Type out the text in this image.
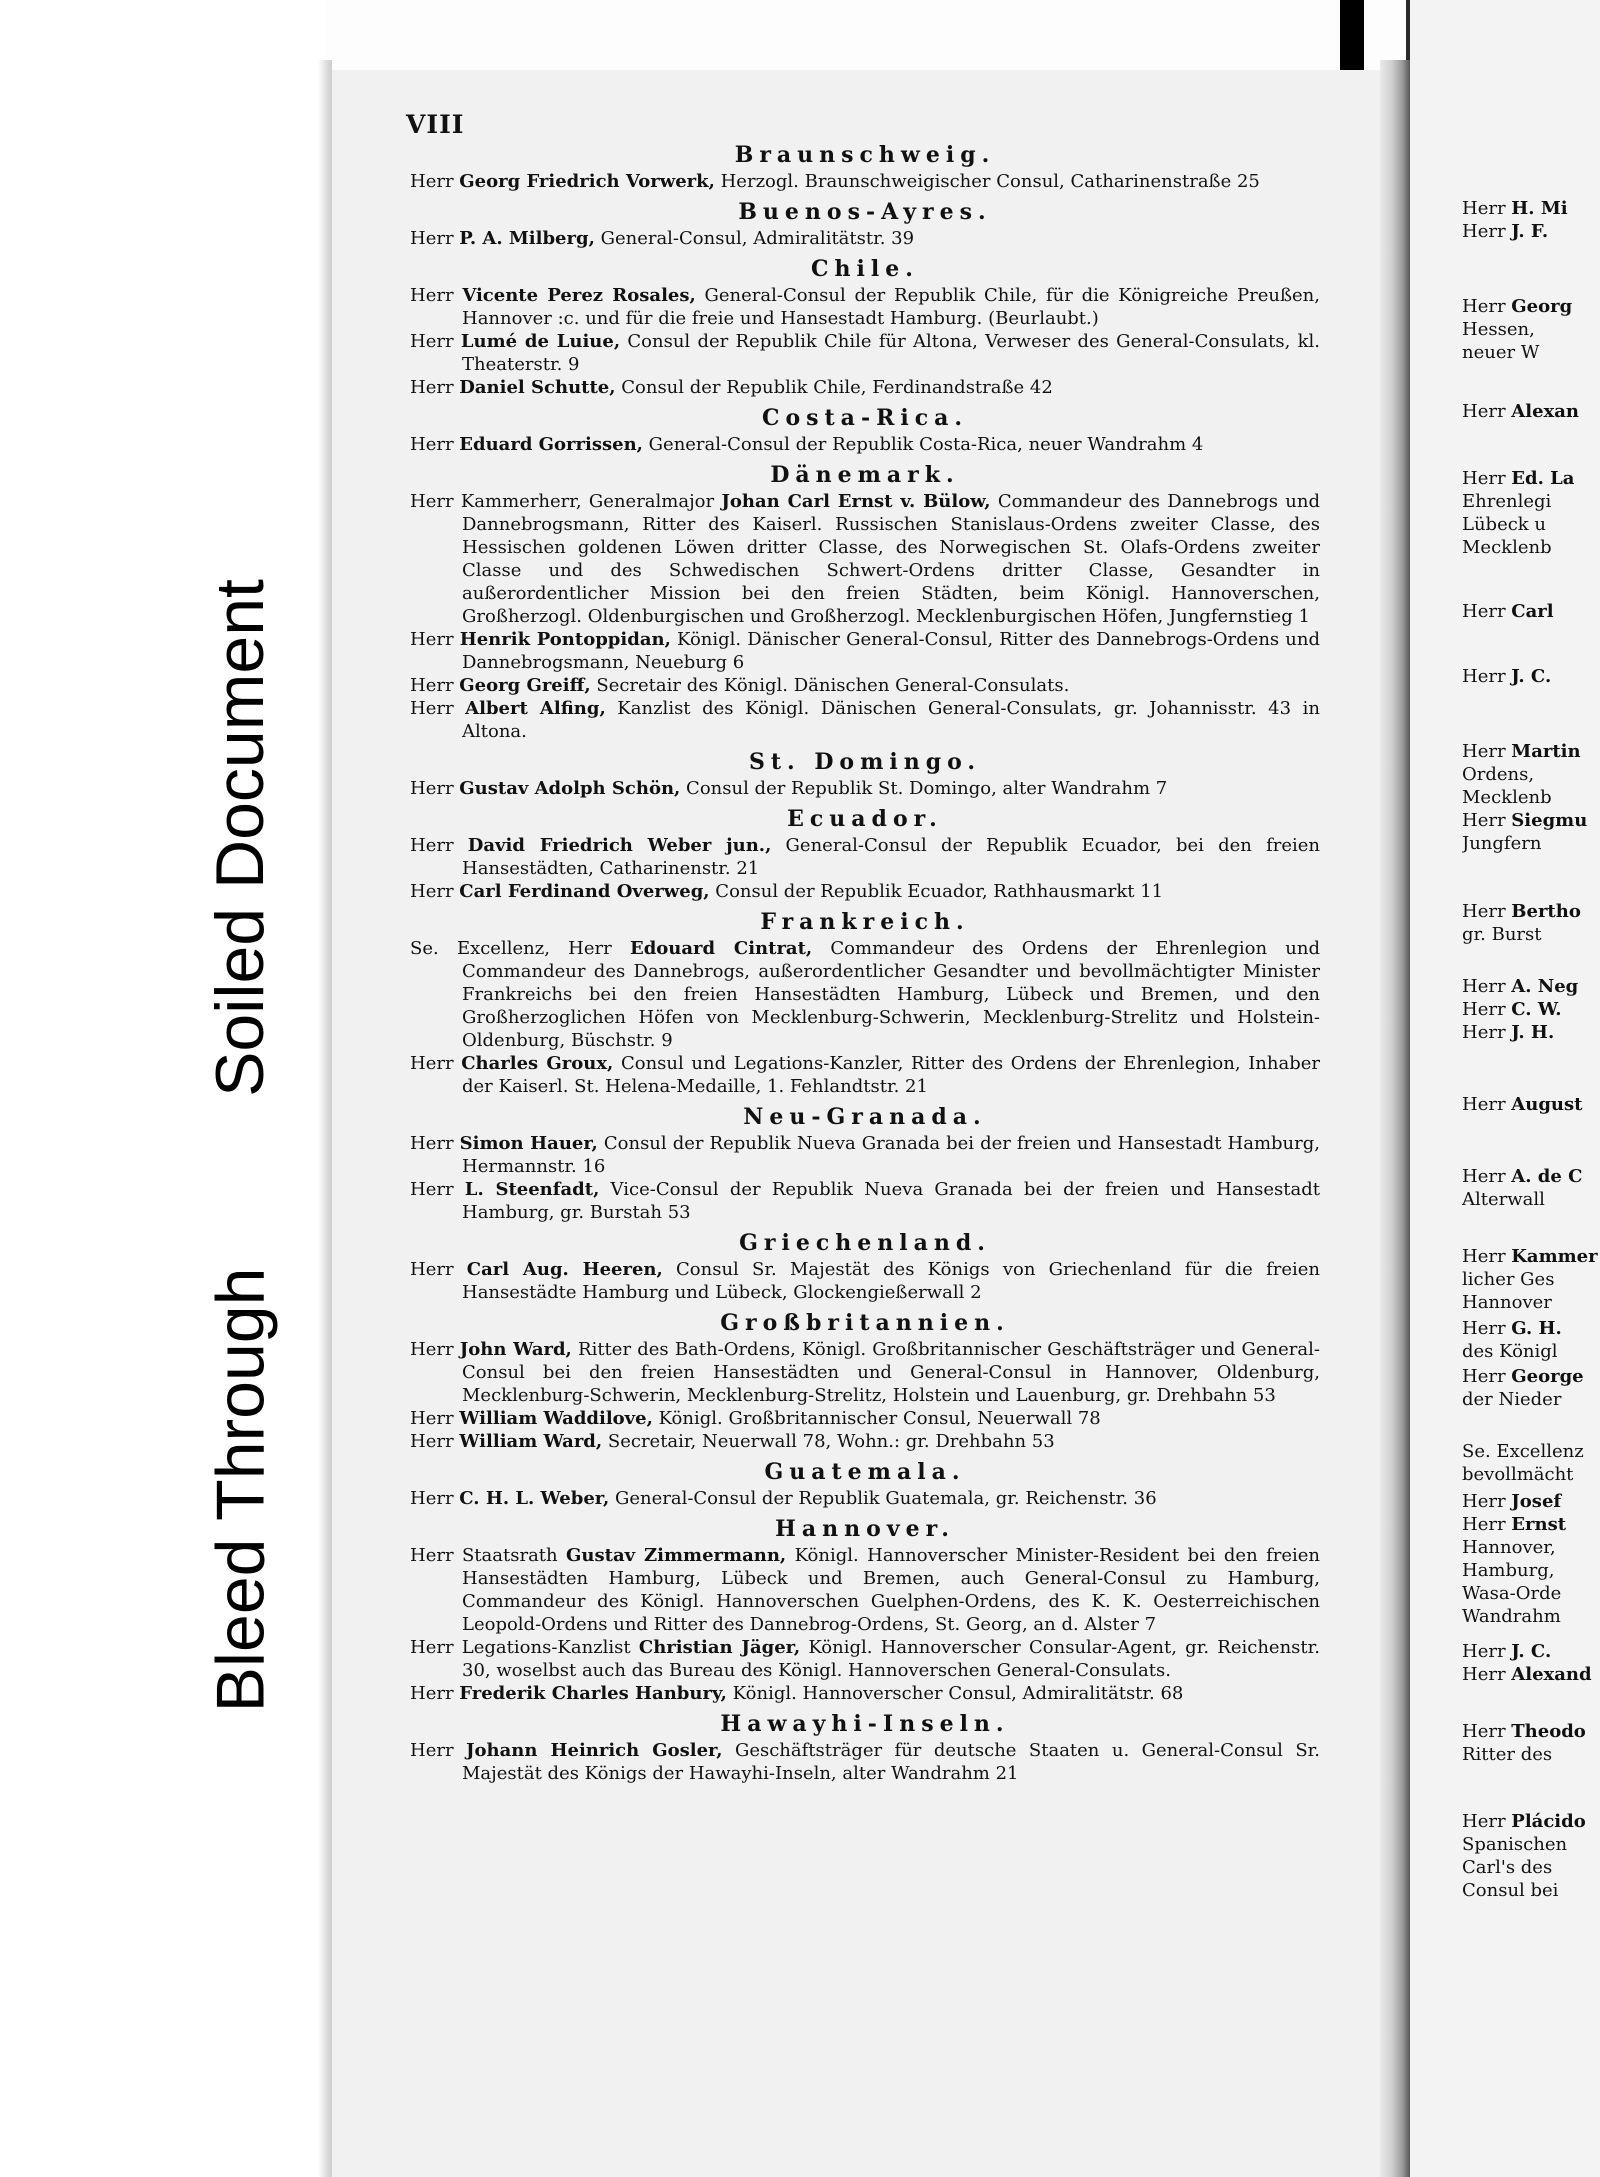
Soiled Document
Bleed Through
VIII
Braunschweig.
Herr Georg Friedrich Vorwerk, Herzogl. Braunschweigischer Consul, Catharinenstraße 25
Buenos-Ayres.
Herr P. A. Milberg, General-Consul, Admiralitätstr. 39
Chile.
Herr Vicente Perez Rosales, General-Consul der Republik Chile, für die Königreiche Preußen, Hannover :c. und für die freie und Hansestadt Hamburg. (Beurlaubt.)
Herr Lumé de Luiue, Consul der Republik Chile für Altona, Verweser des General-Consulats, kl. Theaterstr. 9
Herr Daniel Schutte, Consul der Republik Chile, Ferdinandstraße 42
Costa-Rica.
Herr Eduard Gorrissen, General-Consul der Republik Costa-Rica, neuer Wandrahm 4
Dänemark.
Herr Kammerherr, Generalmajor Johan Carl Ernst v. Bülow, Commandeur des Dannebrogs und Dannebrogsmann, Ritter des Kaiserl. Russischen Stanislaus-Ordens zweiter Classe, des Hessischen goldenen Löwen dritter Classe, des Norwegischen St. Olafs-Ordens zweiter Classe und des Schwedischen Schwert-Ordens dritter Classe, Gesandter in außerordentlicher Mission bei den freien Städten, beim Königl. Hannoverschen, Großherzogl. Oldenburgischen und Großherzogl. Mecklenburgischen Höfen, Jungfernstieg 1
Herr Henrik Pontoppidan, Königl. Dänischer General-Consul, Ritter des Dannebrogs-Ordens und Dannebrogsmann, Neueburg 6
Herr Georg Greiff, Secretair des Königl. Dänischen General-Consulats.
Herr Albert Alfing, Kanzlist des Königl. Dänischen General-Consulats, gr. Johannisstr. 43 in Altona.
St. Domingo.
Herr Gustav Adolph Schön, Consul der Republik St. Domingo, alter Wandrahm 7
Ecuador.
Herr David Friedrich Weber jun., General-Consul der Republik Ecuador, bei den freien Hansestädten, Catharinenstr. 21
Herr Carl Ferdinand Overweg, Consul der Republik Ecuador, Rathhausmarkt 11
Frankreich.
Se. Excellenz, Herr Edouard Cintrat, Commandeur des Ordens der Ehrenlegion und Commandeur des Dannebrogs, außerordentlicher Gesandter und bevollmächtigter Minister Frankreichs bei den freien Hansestädten Hamburg, Lübeck und Bremen, und den Großherzoglichen Höfen von Mecklenburg-Schwerin, Mecklenburg-Strelitz und Holstein-Oldenburg, Büschstr. 9
Herr Charles Groux, Consul und Legations-Kanzler, Ritter des Ordens der Ehrenlegion, Inhaber der Kaiserl. St. Helena-Medaille, 1. Fehlandtstr. 21
Neu-Granada.
Herr Simon Hauer, Consul der Republik Nueva Granada bei der freien und Hansestadt Hamburg, Hermannstr. 16
Herr L. Steenfadt, Vice-Consul der Republik Nueva Granada bei der freien und Hansestadt Hamburg, gr. Burstah 53
Griechenland.
Herr Carl Aug. Heeren, Consul Sr. Majestät des Königs von Griechenland für die freien Hansestädte Hamburg und Lübeck, Glockengießerwall 2
Großbritannien.
Herr John Ward, Ritter des Bath-Ordens, Königl. Großbritannischer Geschäftsträger und General-Consul bei den freien Hansestädten und General-Consul in Hannover, Oldenburg, Mecklenburg-Schwerin, Mecklenburg-Strelitz, Holstein und Lauenburg, gr. Drehbahn 53
Herr William Waddilove, Königl. Großbritannischer Consul, Neuerwall 78
Herr William Ward, Secretair, Neuerwall 78, Wohn.: gr. Drehbahn 53
Guatemala.
Herr C. H. L. Weber, General-Consul der Republik Guatemala, gr. Reichenstr. 36
Hannover.
Herr Staatsrath Gustav Zimmermann, Königl. Hannoverscher Minister-Resident bei den freien Hansestädten Hamburg, Lübeck und Bremen, auch General-Consul zu Hamburg, Commandeur des Königl. Hannoverschen Guelphen-Ordens, des K. K. Oesterreichischen Leopold-Ordens und Ritter des Dannebrog-Ordens, St. Georg, an d. Alster 7
Herr Legations-Kanzlist Christian Jäger, Königl. Hannoverscher Consular-Agent, gr. Reichenstr. 30, woselbst auch das Bureau des Königl. Hannoverschen General-Consulats.
Herr Frederik Charles Hanbury, Königl. Hannoverscher Consul, Admiralitätstr. 68
Hawayhi-Inseln.
Herr Johann Heinrich Gosler, Geschäftsträger für deutsche Staaten u. General-Consul Sr. Majestät des Königs der Hawayhi-Inseln, alter Wandrahm 21
Herr H. Mi
Herr J. F.
Herr Georg
Hessen,
neuer W
Herr Alexan
Herr Ed. La
Ehrenlegi
Lübeck u
Mecklenb
Herr Carl
Herr J. C.
Herr Martin
Ordens,
Mecklenb
Herr Siegmu
Jungfern
Herr Bertho
gr. Burst
Herr A. Neg
Herr C. W.
Herr J. H.
Herr August
Herr A. de C
Alterwall
Herr Kammer
licher Ges
Hannover
Herr G. H.
des Königl
Herr George
der Nieder
Se. Excellenz
bevollmächt
Herr Josef
Herr Ernst
Hannover,
Hamburg,
Wasa-Orde
Wandrahm
Herr J. C.
Herr Alexand
Herr Theodo
Ritter des
Herr Plácido
Spanischen
Carl's des
Consul bei
